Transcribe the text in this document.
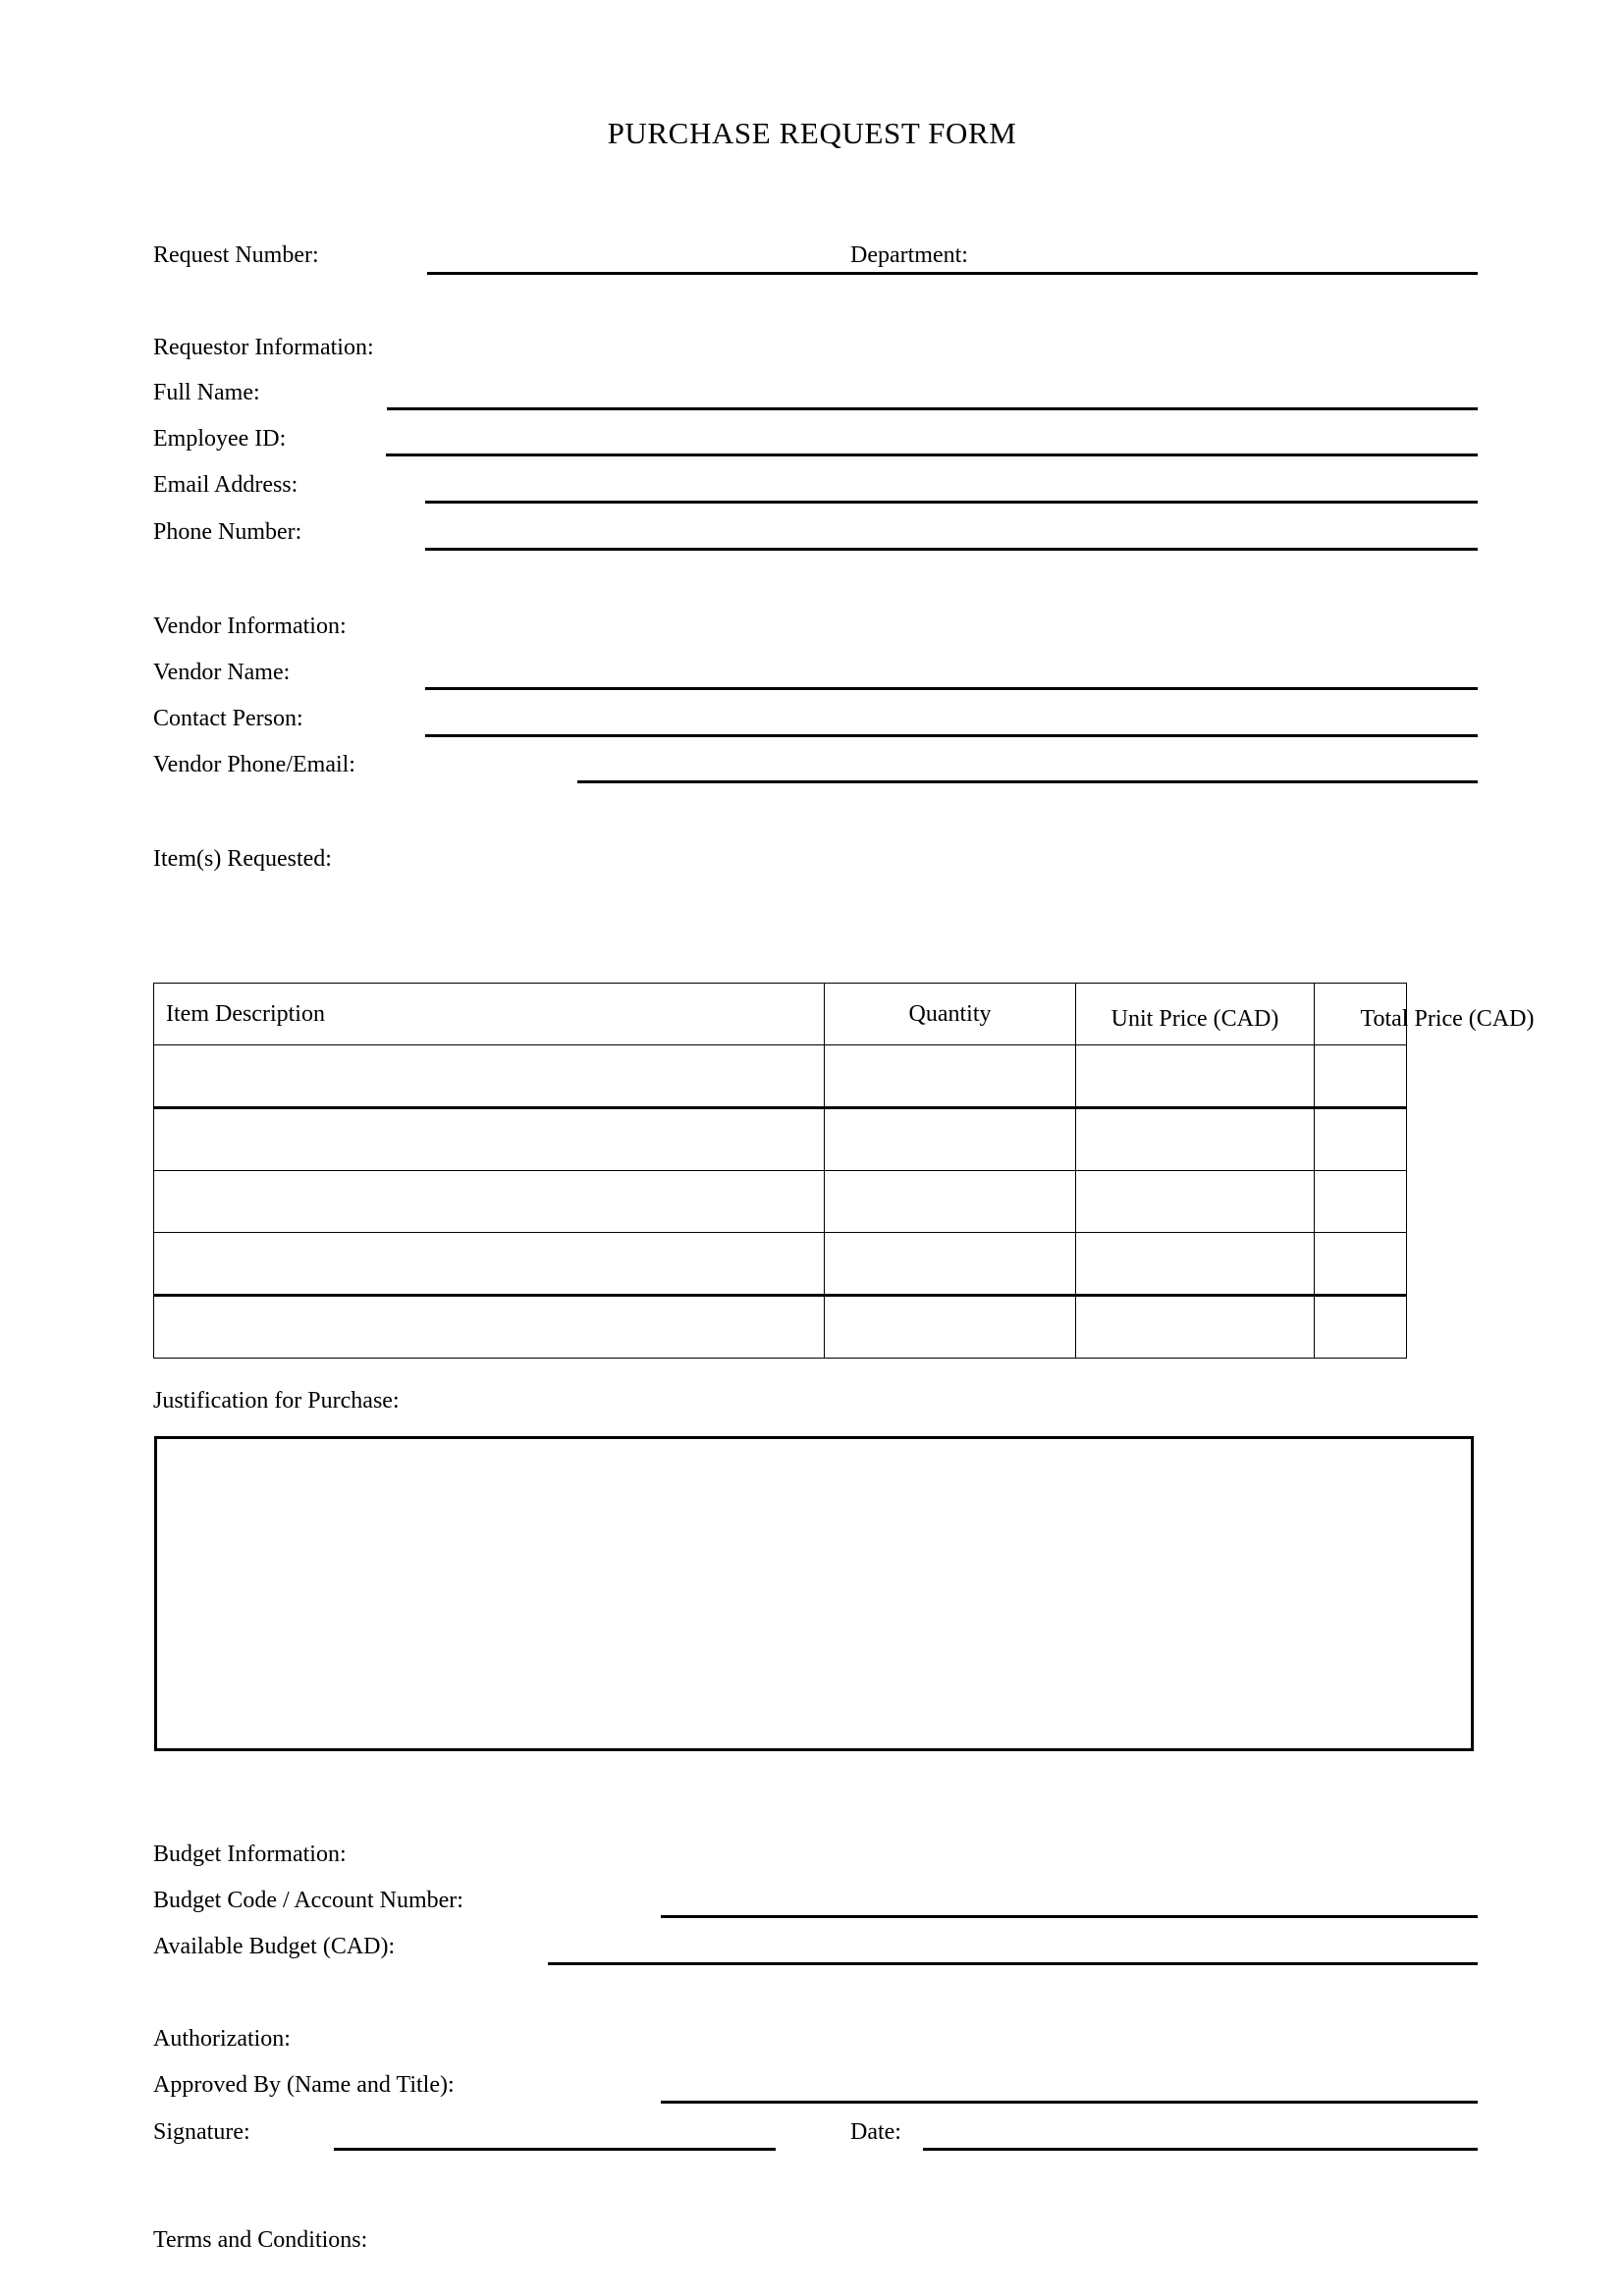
PURCHASE REQUEST FORM
Request Number:	Department:
Requestor Information:
Full Name:
Employee ID:
Email Address:
Phone Number:
Vendor Information:
Vendor Name:
Contact Person:
Vendor Phone/Email:
Item(s) Requested:
Item Description	Quantity	Unit Price (CAD)	Total Price (CAD)

Justification for Purchase:
Budget Information:
Budget Code / Account Number:
Available Budget (CAD):
Authorization:
Approved By (Name and Title):
Signature:	Date:
Terms and Conditions:
